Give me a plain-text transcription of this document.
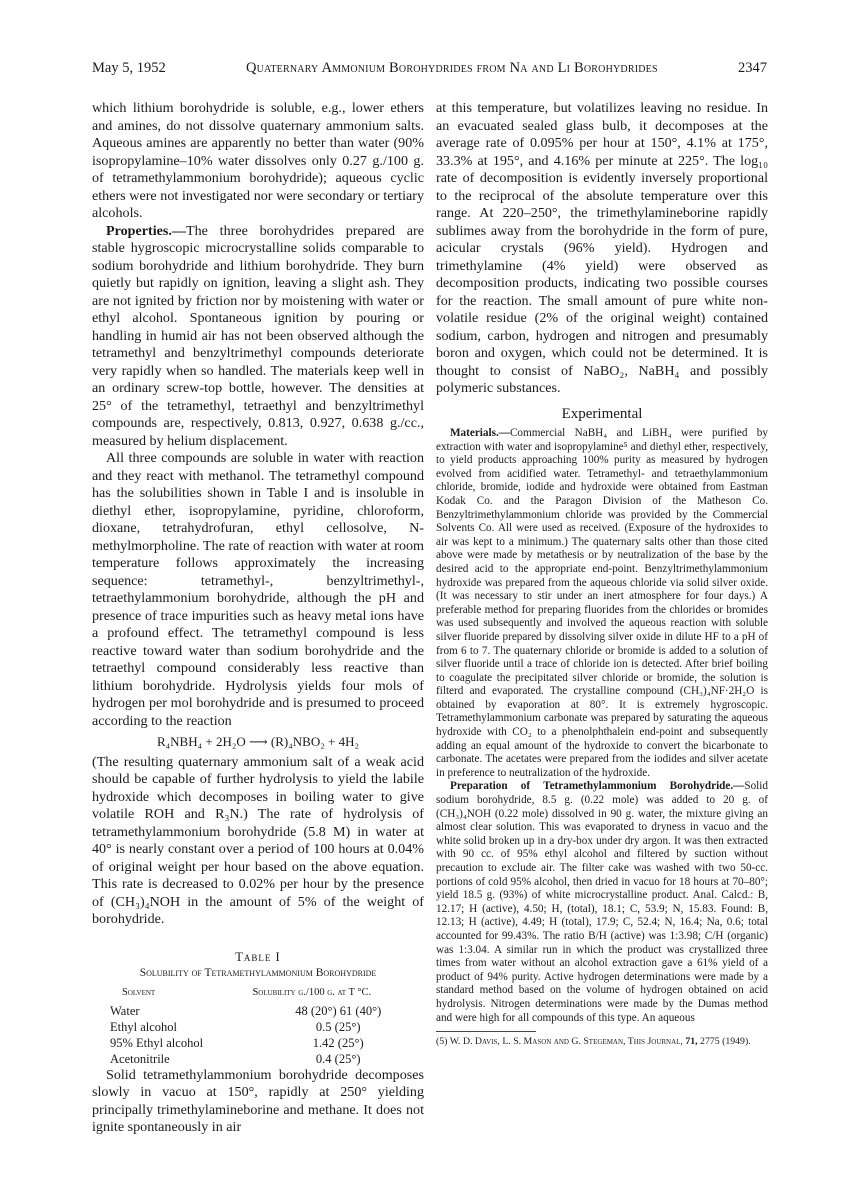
May 5, 1952	Quaternary Ammonium Borohydrides from Na and Li Borohydrides	2347

which lithium borohydride is soluble, e.g., lower ethers and amines, do not dissolve quaternary ammonium salts. Aqueous amines are apparently no better than water (90% isopropylamine–10% water dissolves only 0.27 g./100 g. of tetramethylammonium borohydride); aqueous cyclic ethers were not investigated nor were secondary or tertiary alcohols.

Properties.—The three borohydrides prepared are stable hygroscopic microcrystalline solids comparable to sodium borohydride and lithium borohydride. They burn quietly but rapidly on ignition, leaving a slight ash. They are not ignited by friction nor by moistening with water or ethyl alcohol. Spontaneous ignition by pouring or handling in humid air has not been observed although the tetramethyl and benzyltrimethyl compounds deteriorate very rapidly when so handled. The materials keep well in an ordinary screw-top bottle, however. The densities at 25° of the tetramethyl, tetraethyl and benzyltrimethyl compounds are, respectively, 0.813, 0.927, 0.638 g./cc., measured by helium displacement.

All three compounds are soluble in water with reaction and they react with methanol. The tetramethyl compound has the solubilities shown in Table I and is insoluble in diethyl ether, isopropylamine, pyridine, chloroform, dioxane, tetrahydrofuran, ethyl cellosolve, N-methylmorpholine. The rate of reaction with water at room temperature follows approximately the increasing sequence: tetramethyl-, benzyltrimethyl-, tetraethylammonium borohydride, although the pH and presence of trace impurities such as heavy metal ions have a profound effect. The tetramethyl compound is less reactive toward water than sodium borohydride and the tetraethyl compound considerably less reactive than lithium borohydride. Hydrolysis yields four mols of hydrogen per mol borohydride and is presumed to proceed according to the reaction

R₄NBH₄ + 2H₂O ⟶ (R)₄NBO₂ + 4H₂

(The resulting quaternary ammonium salt of a weak acid should be capable of further hydrolysis to yield the labile hydroxide which decomposes in boiling water to give volatile ROH and R₃N.) The rate of hydrolysis of tetramethylammonium borohydride (5.8 M) in water at 40° is nearly constant over a period of 100 hours at 0.04% of original weight per hour based on the above equation. This rate is decreased to 0.02% per hour by the presence of (CH₃)₄NOH in the amount of 5% of the weight of borohydride.

Table I
Solubility of Tetramethylammonium Borohydride
Solvent	Solubility g./100 g. at T °C.
Water	48 (20°) 61 (40°)
Ethyl alcohol	0.5 (25°)
95% Ethyl alcohol	1.42 (25°)
Acetonitrile	0.4 (25°)

Solid tetramethylammonium borohydride decomposes slowly in vacuo at 150°, rapidly at 250° yielding principally trimethylamineborine and methane. It does not ignite spontaneously in air

at this temperature, but volatilizes leaving no residue. In an evacuated sealed glass bulb, it decomposes at the average rate of 0.095% per hour at 150°, 4.1% at 175°, 33.3% at 195°, and 4.16% per minute at 225°. The log₁₀ rate of decomposition is evidently inversely proportional to the reciprocal of the absolute temperature over this range. At 220–250°, the trimethylamineborine rapidly sublimes away from the borohydride in the form of pure, acicular crystals (96% yield). Hydrogen and trimethylamine (4% yield) were observed as decomposition products, indicating two possible courses for the reaction. The small amount of pure white non-volatile residue (2% of the original weight) contained sodium, carbon, hydrogen and nitrogen and presumably boron and oxygen, which could not be determined. It is thought to consist of NaBO₂, NaBH₄ and possibly polymeric substances.

Experimental

Materials.—Commercial NaBH₄ and LiBH₄ were purified by extraction with water and isopropylamine⁵ and diethyl ether, respectively, to yield products approaching 100% purity as measured by hydrogen evolved from acidified water. Tetramethyl- and tetraethylammonium chloride, bromide, iodide and hydroxide were obtained from Eastman Kodak Co. and the Paragon Division of the Matheson Co. Benzyltrimethylammonium chloride was provided by the Commercial Solvents Co. All were used as received. (Exposure of the hydroxides to air was kept to a minimum.) The quaternary salts other than those cited above were made by metathesis or by neutralization of the base by the desired acid to the appropriate end-point. Benzyltrimethylammonium hydroxide was prepared from the aqueous chloride via solid silver oxide. (It was necessary to stir under an inert atmosphere for four days.) A preferable method for preparing fluorides from the chlorides or bromides was used subsequently and involved the aqueous reaction with soluble silver fluoride prepared by dissolving silver oxide in dilute HF to a pH of from 6 to 7. The quaternary chloride or bromide is added to a solution of silver fluoride until a trace of chloride ion is detected. After brief boiling to coagulate the precipitated silver chloride or bromide, the solution is filterd and evaporated. The crystalline compound (CH₃)₄NF·2H₂O is obtained by evaporation at 80°. It is extremely hygroscopic. Tetramethylammonium carbonate was prepared by saturating the aqueous hydroxide with CO₂ to a phenolphthalein end-point and subsequently adding an equal amount of the hydroxide to convert the bicarbonate to carbonate. The acetates were prepared from the iodides and silver acetate in preference to neutralization of the hydroxide.

Preparation of Tetramethylammonium Borohydride.—Solid sodium borohydride, 8.5 g. (0.22 mole) was added to 20 g. of (CH₃)₄NOH (0.22 mole) dissolved in 90 g. water, the mixture giving an almost clear solution. This was evaporated to dryness in vacuo and the white solid broken up in a dry-box under dry argon. It was then extracted with 90 cc. of 95% ethyl alcohol and filtered by suction without precaution to exclude air. The filter cake was washed with two 50-cc. portions of cold 95% alcohol, then dried in vacuo for 18 hours at 70–80°; yield 18.5 g. (93%) of white microcrystalline product. Anal. Calcd.: B, 12.17; H (active), 4.50; H, (total), 18.1; C, 53.9; N, 15.83. Found: B, 12.13; H (active), 4.49; H (total), 17.9; C, 52.4; N, 16.4; Na, 0.6; total accounted for 99.43%. The ratio B/H (active) was 1:3.98; C/H (organic) was 1:3.04. A similar run in which the product was crystallized three times from water without an alcohol extraction gave a 61% yield of a product of 94% purity. Active hydrogen determinations were made by a standard method based on the volume of hydrogen obtained on acid hydrolysis. Nitrogen determinations were made by the Dumas method and were high for all compounds of this type. An aqueous

(5) W. D. Davis, L. S. Mason and G. Stegeman, This Journal, 71, 2775 (1949).
